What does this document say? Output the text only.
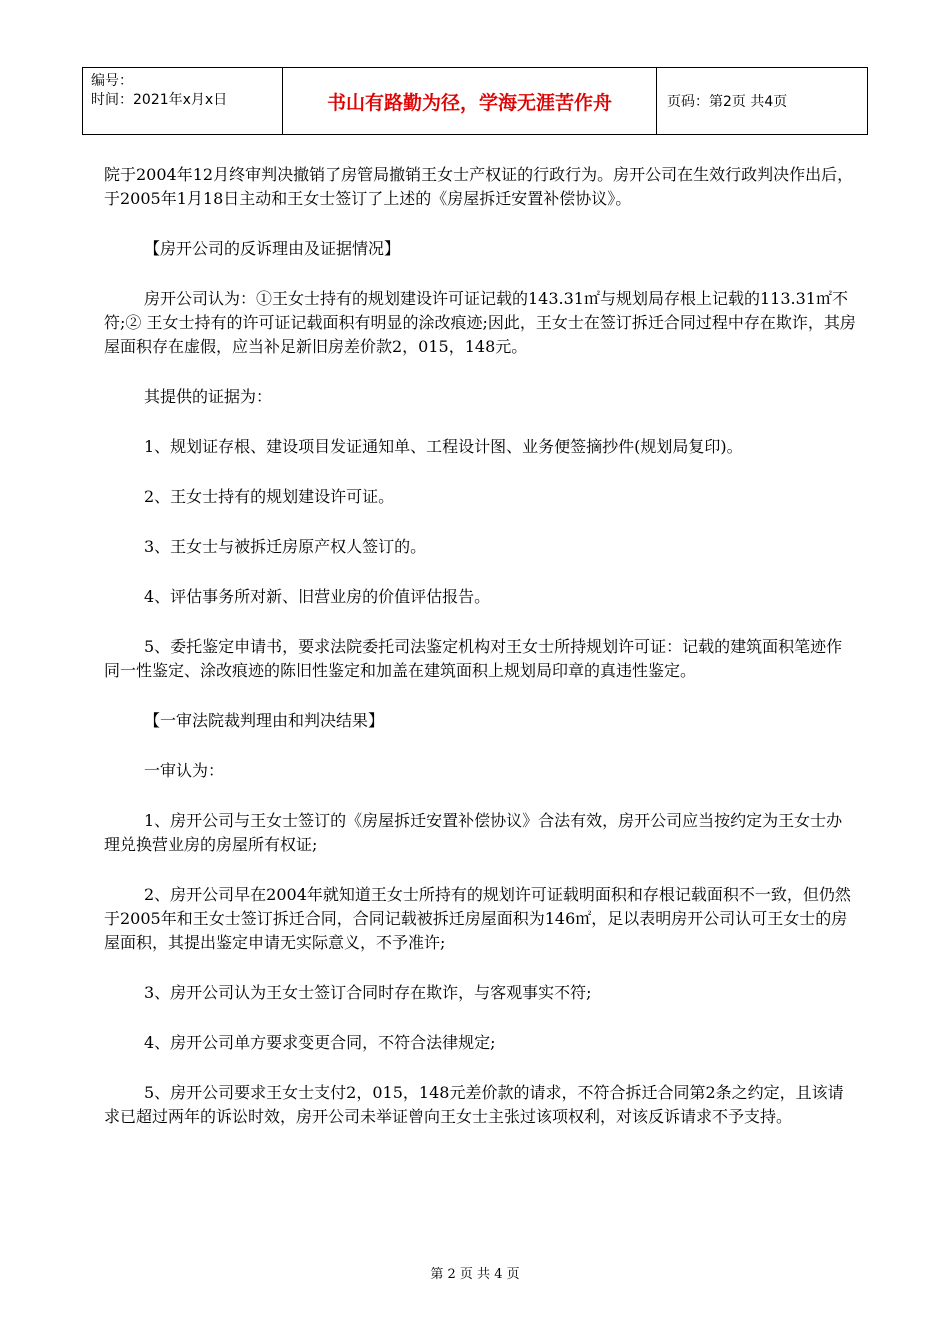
编号：
时间：2021年x月x日	书山有路勤为径，学海无涯苦作舟	页码：第2页 共4页

院于2004年12月终审判决撤销了房管局撤销王女士产权证的行政行为。房开公司在生效行政判决作出后，于2005年1月18日主动和王女士签订了上述的《房屋拆迁安置补偿协议》。

【房开公司的反诉理由及证据情况】

房开公司认为：①王女士持有的规划建设许可证记载的143.31㎡与规划局存根上记载的113.31㎡不符;② 王女士持有的许可证记载面积有明显的涂改痕迹;因此，王女士在签订拆迁合同过程中存在欺诈，其房屋面积存在虚假，应当补足新旧房差价款2，015，148元。

其提供的证据为：

1、规划证存根、建设项目发证通知单、工程设计图、业务便签摘抄件(规划局复印)。

2、王女士持有的规划建设许可证。

3、王女士与被拆迁房原产权人签订的。

4、评估事务所对新、旧营业房的价值评估报告。

5、委托鉴定申请书，要求法院委托司法鉴定机构对王女士所持规划许可证：记载的建筑面积笔迹作同一性鉴定、涂改痕迹的陈旧性鉴定和加盖在建筑面积上规划局印章的真违性鉴定。

【一审法院裁判理由和判决结果】

一审认为：

1、房开公司与王女士签订的《房屋拆迁安置补偿协议》合法有效，房开公司应当按约定为王女士办理兑换营业房的房屋所有权证;

2、房开公司早在2004年就知道王女士所持有的规划许可证载明面积和存根记载面积不一致，但仍然于2005年和王女士签订拆迁合同，合同记载被拆迁房屋面积为146㎡，足以表明房开公司认可王女士的房屋面积，其提出鉴定申请无实际意义，不予准许;

3、房开公司认为王女士签订合同时存在欺诈，与客观事实不符;

4、房开公司单方要求变更合同，不符合法律规定;

5、房开公司要求王女士支付2，015，148元差价款的请求，不符合拆迁合同第2条之约定，且该请求已超过两年的诉讼时效，房开公司未举证曾向王女士主张过该项权利，对该反诉请求不予支持。

第 2 页 共 4 页
